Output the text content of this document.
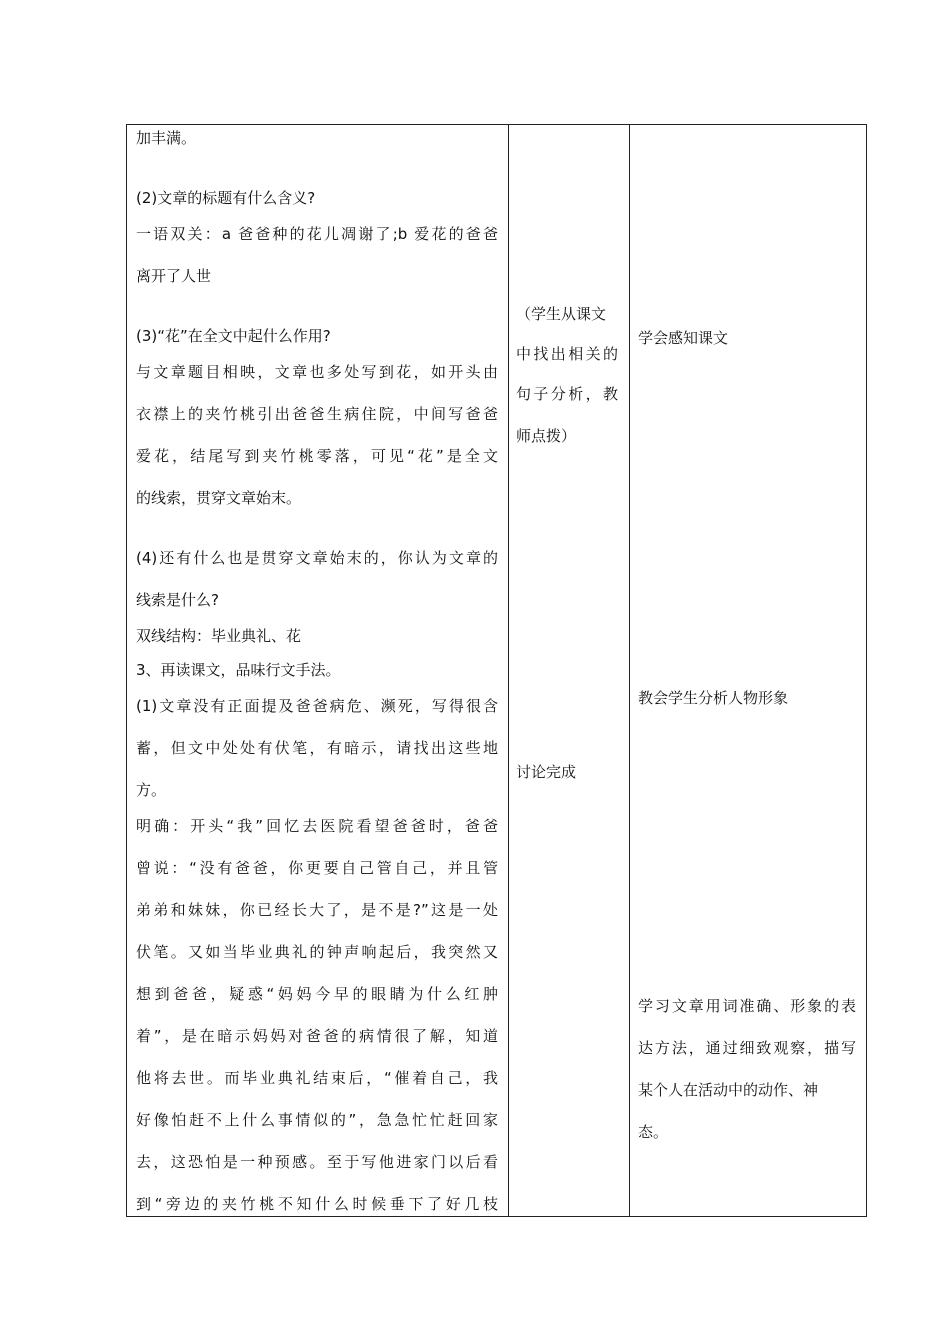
加丰满。
(2)文章的标题有什么含义?
一语双关：a 爸爸种的花儿凋谢了;b 爱花的爸爸
离开了人世
(3)“花”在全文中起什么作用?
与文章题目相映，文章也多处写到花，如开头由
衣襟上的夹竹桃引出爸爸生病住院，中间写爸爸
爱花，结尾写到夹竹桃零落，可见“花”是全文
的线索，贯穿文章始末。
(4)还有什么也是贯穿文章始末的，你认为文章的
线索是什么?
双线结构：毕业典礼、花
3、再读课文，品味行文手法。
(1)文章没有正面提及爸爸病危、濒死，写得很含
蓄，但文中处处有伏笔，有暗示，请找出这些地
方。
明确：开头“我”回忆去医院看望爸爸时，爸爸
曾说：“没有爸爸，你更要自己管自己，并且管
弟弟和妹妹，你已经长大了，是不是?”这是一处
伏笔。又如当毕业典礼的钟声响起后，我突然又
想到爸爸，疑惑“妈妈今早的眼睛为什么红肿
着”，是在暗示妈妈对爸爸的病情很了解，知道
他将去世。而毕业典礼结束后，“催着自己，我
好像怕赶不上什么事情似的”，急急忙忙赶回家
去，这恐怕是一种预感。至于写他进家门以后看
到“旁边的夹竹桃不知什么时候垂下了好几枝
（学生从课文
中找出相关的
句子分析，教
师点拨）
讨论完成
学会感知课文
教会学生分析人物形象
学习文章用词准确、形象的表
达方法，通过细致观察，描写
某个人在活动中的动作、神
态。
